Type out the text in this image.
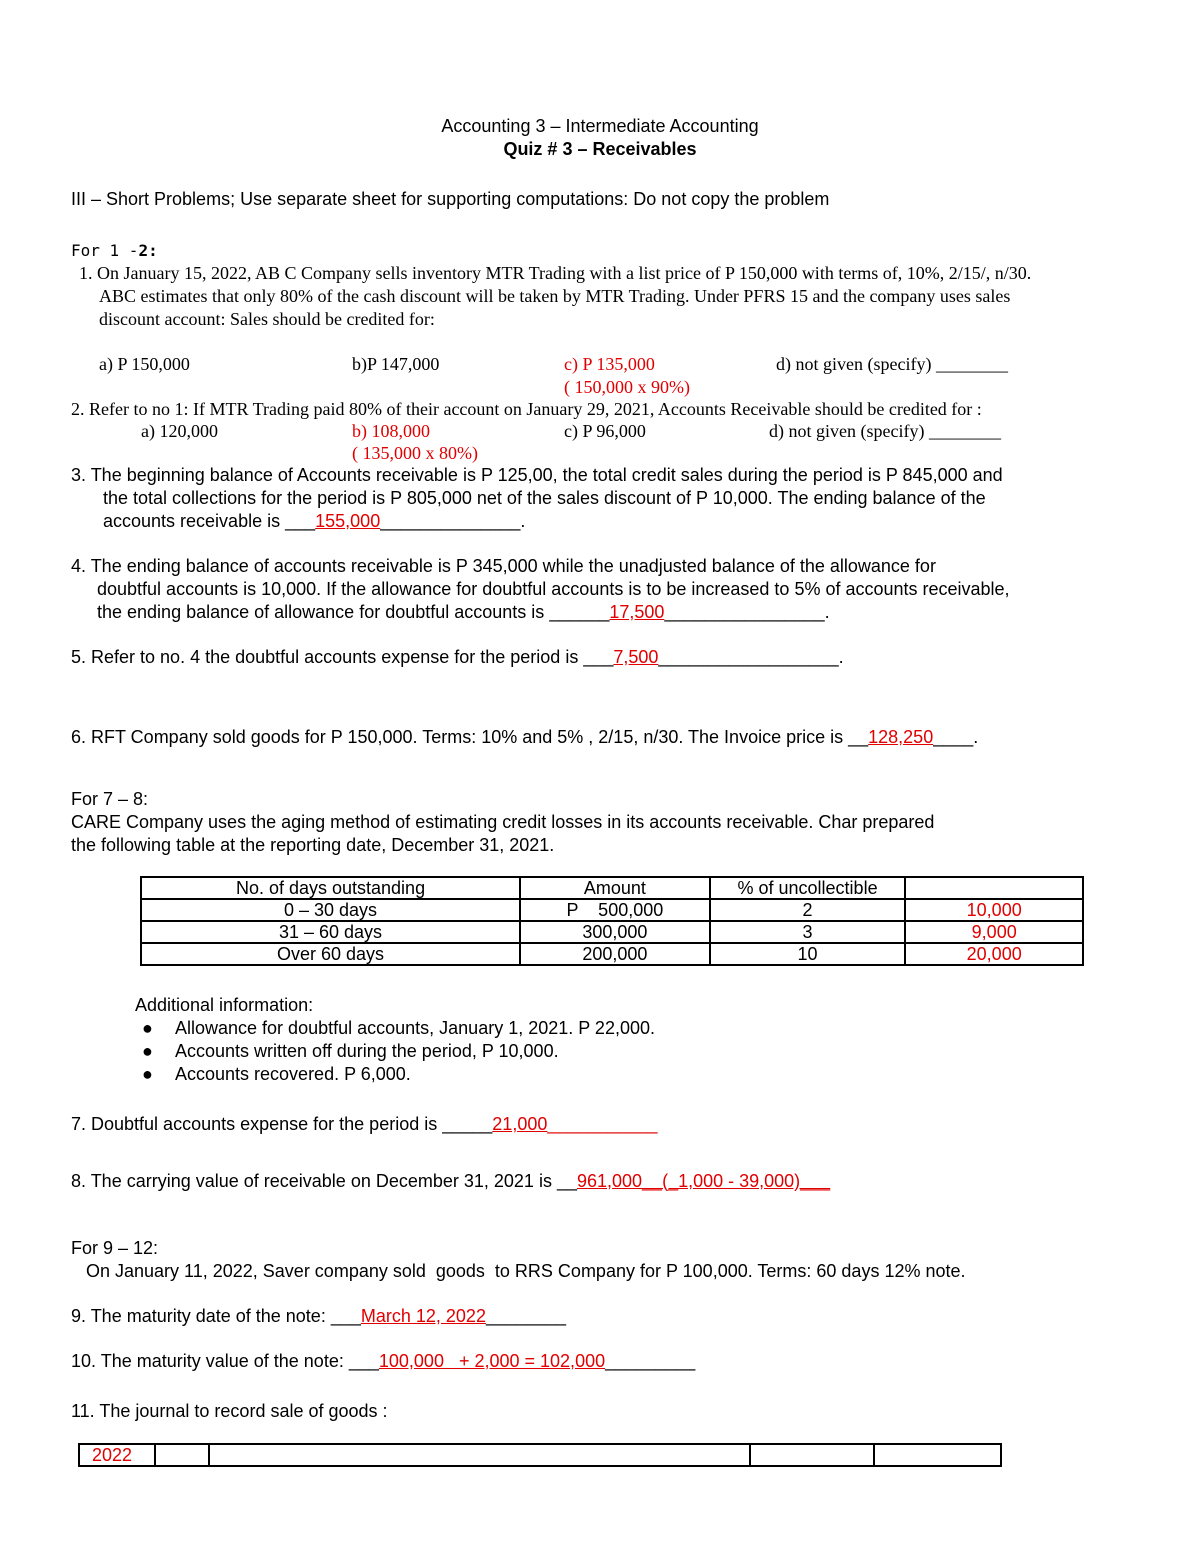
Accounting 3 – Intermediate Accounting
Quiz # 3 – Receivables
III – Short Problems; Use separate sheet for supporting computations: Do not copy the problem
For 1 -2:
1. On January 15, 2022, AB C Company sells inventory MTR Trading with a list price of P 150,000 with terms of, 10%, 2/15/, n/30.
ABC estimates that only 80% of the cash discount will be taken by MTR Trading. Under PFRS 15 and the company uses sales
discount account: Sales should be credited for:
a) P 150,000	b)P 147,000	c) P 135,000
( 150,000 x 90%)
d) not given (specify) ________
2. Refer to no 1: If MTR Trading paid 80% of their account on January 29, 2021, Accounts Receivable should be credited for :
a) 120,000	b) 108,000
( 135,000 x 80%)
c) P 96,000	d) not given (specify) ________
3. The beginning balance of Accounts receivable is P 125,00, the total credit sales during the period is P 845,000 and
the total collections for the period is P 805,000 net of the sales discount of P 10,000. The ending balance of the
accounts receivable is ___155,000______________.
4. The ending balance of accounts receivable is P 345,000 while the unadjusted balance of the allowance for
doubtful accounts is 10,000. If the allowance for doubtful accounts is to be increased to 5% of accounts receivable,
the ending balance of allowance for doubtful accounts is ______17,500________________.
5. Refer to no. 4 the doubtful accounts expense for the period is ___7,500__________________.
6. RFT Company sold goods for P 150,000. Terms: 10% and 5% , 2/15, n/30. The Invoice price is __128,250____.
For 7 – 8:
CARE Company uses the aging method of estimating credit losses in its accounts receivable. Char prepared
the following table at the reporting date, December 31, 2021.
No. of days outstanding	Amount	% of uncollectible	
0 – 30 days	P    500,000	2	10,000
31 – 60 days	300,000	3	9,000
Over 60 days	200,000	10	20,000
Additional information:
● Allowance for doubtful accounts, January 1, 2021. P 22,000.
● Accounts written off during the period, P 10,000.
● Accounts recovered. P 6,000.
7. Doubtful accounts expense for the period is _____21,000___________
8. The carrying value of receivable on December 31, 2021 is __961,000__(_1,000 - 39,000)___
For 9 – 12:
On January 11, 2022, Saver company sold  goods  to RRS Company for P 100,000. Terms: 60 days 12% note.
9. The maturity date of the note: ___March 12, 2022________
10. The maturity value of the note: ___100,000   + 2,000 = 102,000_________
11. The journal to record sale of goods :
2022				
